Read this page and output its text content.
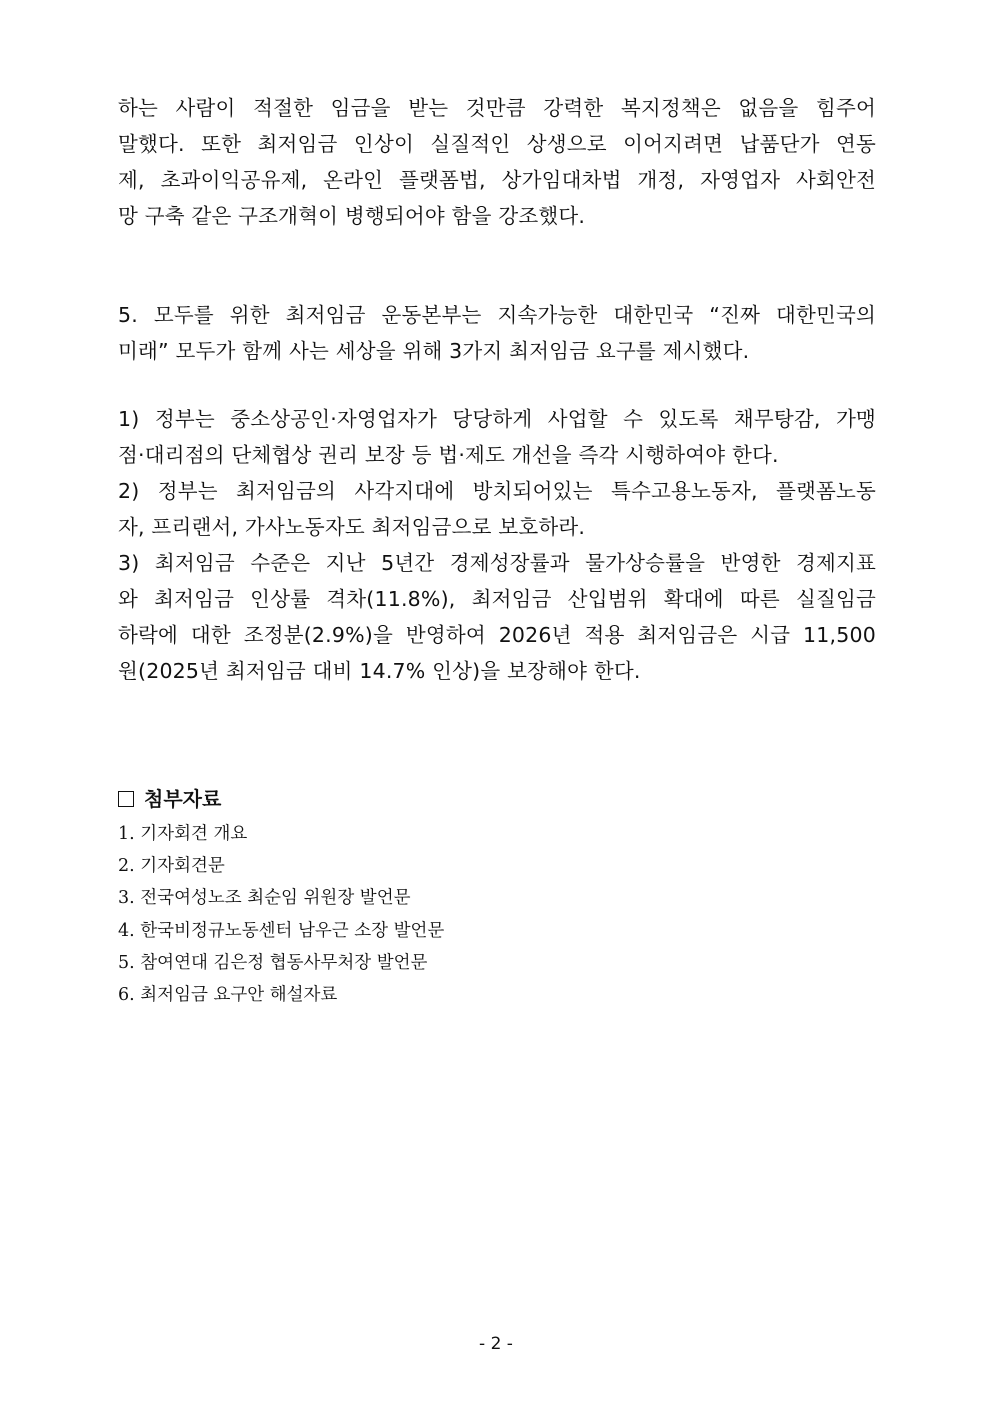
하는 사람이 적절한 임금을 받는 것만큼 강력한 복지정책은 없음을 힘주어
말했다. 또한 최저임금 인상이 실질적인 상생으로 이어지려면 납품단가 연동
제, 초과이익공유제, 온라인 플랫폼법, 상가임대차법 개정, 자영업자 사회안전
망 구축 같은 구조개혁이 병행되어야 함을 강조했다.
5. 모두를 위한 최저임금 운동본부는 지속가능한 대한민국 “진짜 대한민국의
미래” 모두가 함께 사는 세상을 위해 3가지 최저임금 요구를 제시했다.
1) 정부는 중소상공인·자영업자가 당당하게 사업할 수 있도록 채무탕감, 가맹
점·대리점의 단체협상 권리 보장 등 법·제도 개선을 즉각 시행하여야 한다.
2) 정부는 최저임금의 사각지대에 방치되어있는 특수고용노동자, 플랫폼노동
자, 프리랜서, 가사노동자도 최저임금으로 보호하라.
3) 최저임금 수준은 지난 5년간 경제성장률과 물가상승률을 반영한 경제지표
와 최저임금 인상률 격차(11.8%), 최저임금 산입범위 확대에 따른 실질임금
하락에 대한 조정분(2.9%)을 반영하여 2026년 적용 최저임금은 시급 11,500
원(2025년 최저임금 대비 14.7% 인상)을 보장해야 한다.
첨부자료
1. 기자회견 개요
2. 기자회견문
3. 전국여성노조 최순임 위원장 발언문
4. 한국비정규노동센터 남우근 소장 발언문
5. 참여연대 김은정 협동사무처장 발언문
6. 최저임금 요구안 해설자료
- 2 -
